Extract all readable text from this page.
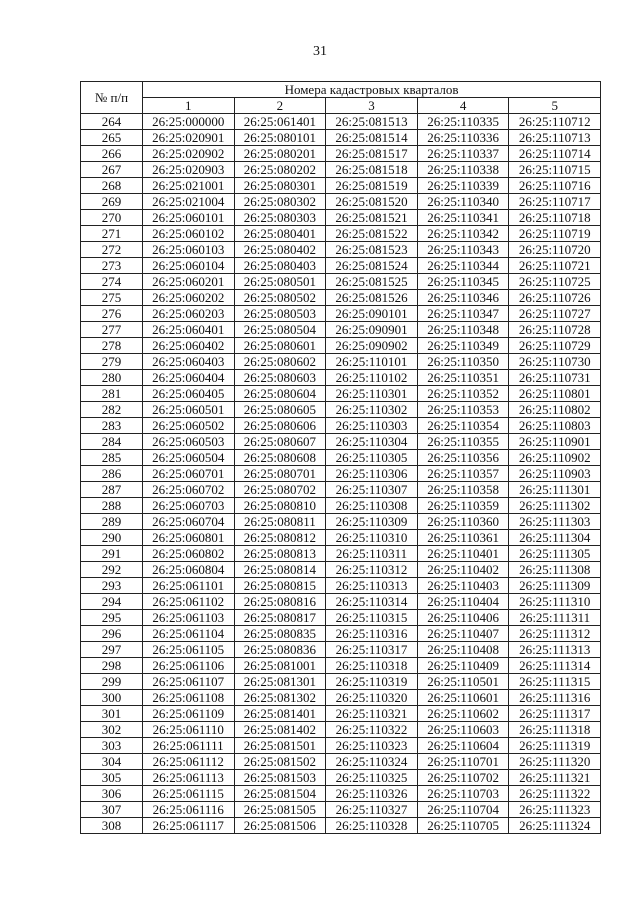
31
№ п/п	Номера кадастровых кварталов				
	1	2	3	4	5
264	26:25:000000	26:25:061401	26:25:081513	26:25:110335	26:25:110712
265	26:25:020901	26:25:080101	26:25:081514	26:25:110336	26:25:110713
266	26:25:020902	26:25:080201	26:25:081517	26:25:110337	26:25:110714
267	26:25:020903	26:25:080202	26:25:081518	26:25:110338	26:25:110715
268	26:25:021001	26:25:080301	26:25:081519	26:25:110339	26:25:110716
269	26:25:021004	26:25:080302	26:25:081520	26:25:110340	26:25:110717
270	26:25:060101	26:25:080303	26:25:081521	26:25:110341	26:25:110718
271	26:25:060102	26:25:080401	26:25:081522	26:25:110342	26:25:110719
272	26:25:060103	26:25:080402	26:25:081523	26:25:110343	26:25:110720
273	26:25:060104	26:25:080403	26:25:081524	26:25:110344	26:25:110721
274	26:25:060201	26:25:080501	26:25:081525	26:25:110345	26:25:110725
275	26:25:060202	26:25:080502	26:25:081526	26:25:110346	26:25:110726
276	26:25:060203	26:25:080503	26:25:090101	26:25:110347	26:25:110727
277	26:25:060401	26:25:080504	26:25:090901	26:25:110348	26:25:110728
278	26:25:060402	26:25:080601	26:25:090902	26:25:110349	26:25:110729
279	26:25:060403	26:25:080602	26:25:110101	26:25:110350	26:25:110730
280	26:25:060404	26:25:080603	26:25:110102	26:25:110351	26:25:110731
281	26:25:060405	26:25:080604	26:25:110301	26:25:110352	26:25:110801
282	26:25:060501	26:25:080605	26:25:110302	26:25:110353	26:25:110802
283	26:25:060502	26:25:080606	26:25:110303	26:25:110354	26:25:110803
284	26:25:060503	26:25:080607	26:25:110304	26:25:110355	26:25:110901
285	26:25:060504	26:25:080608	26:25:110305	26:25:110356	26:25:110902
286	26:25:060701	26:25:080701	26:25:110306	26:25:110357	26:25:110903
287	26:25:060702	26:25:080702	26:25:110307	26:25:110358	26:25:111301
288	26:25:060703	26:25:080810	26:25:110308	26:25:110359	26:25:111302
289	26:25:060704	26:25:080811	26:25:110309	26:25:110360	26:25:111303
290	26:25:060801	26:25:080812	26:25:110310	26:25:110361	26:25:111304
291	26:25:060802	26:25:080813	26:25:110311	26:25:110401	26:25:111305
292	26:25:060804	26:25:080814	26:25:110312	26:25:110402	26:25:111308
293	26:25:061101	26:25:080815	26:25:110313	26:25:110403	26:25:111309
294	26:25:061102	26:25:080816	26:25:110314	26:25:110404	26:25:111310
295	26:25:061103	26:25:080817	26:25:110315	26:25:110406	26:25:111311
296	26:25:061104	26:25:080835	26:25:110316	26:25:110407	26:25:111312
297	26:25:061105	26:25:080836	26:25:110317	26:25:110408	26:25:111313
298	26:25:061106	26:25:081001	26:25:110318	26:25:110409	26:25:111314
299	26:25:061107	26:25:081301	26:25:110319	26:25:110501	26:25:111315
300	26:25:061108	26:25:081302	26:25:110320	26:25:110601	26:25:111316
301	26:25:061109	26:25:081401	26:25:110321	26:25:110602	26:25:111317
302	26:25:061110	26:25:081402	26:25:110322	26:25:110603	26:25:111318
303	26:25:061111	26:25:081501	26:25:110323	26:25:110604	26:25:111319
304	26:25:061112	26:25:081502	26:25:110324	26:25:110701	26:25:111320
305	26:25:061113	26:25:081503	26:25:110325	26:25:110702	26:25:111321
306	26:25:061115	26:25:081504	26:25:110326	26:25:110703	26:25:111322
307	26:25:061116	26:25:081505	26:25:110327	26:25:110704	26:25:111323
308	26:25:061117	26:25:081506	26:25:110328	26:25:110705	26:25:111324
